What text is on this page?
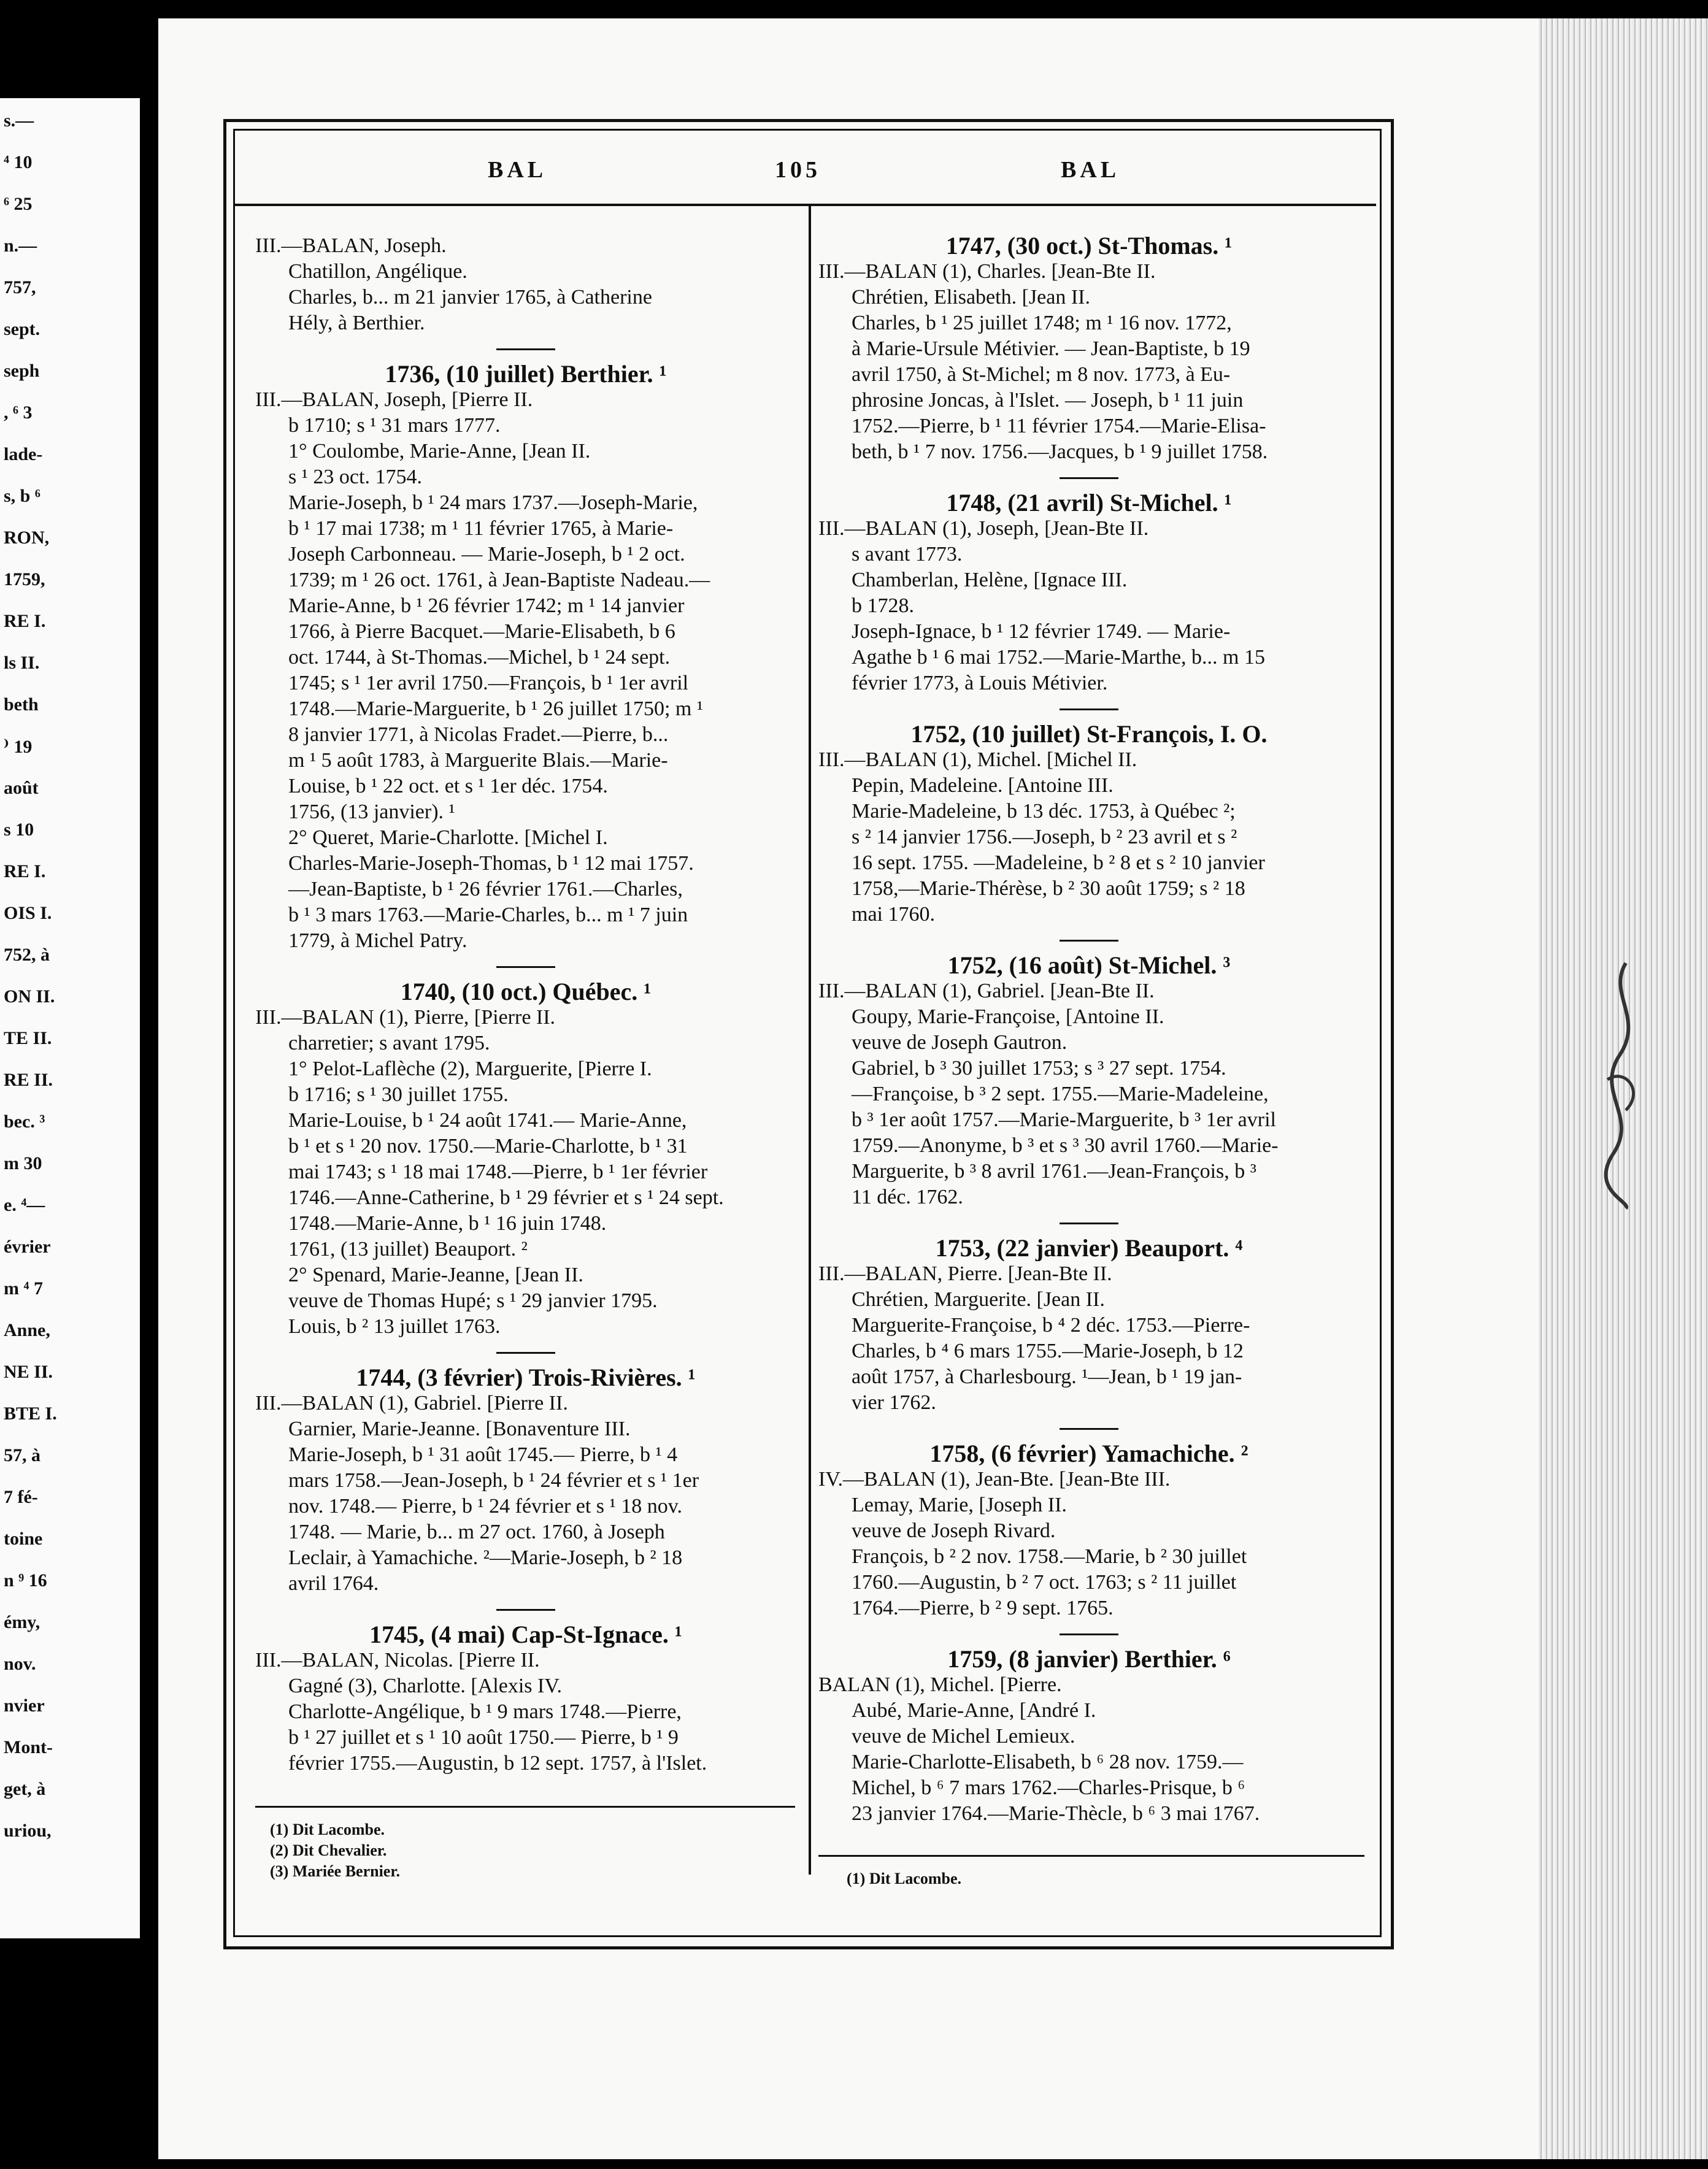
s.—
⁴ 10
⁶ 25
n.—
757,
sept.
seph
, ⁶ 3
lade-
s, b ⁶
RON,
1759,
RE I.
ls II.
beth
⁾ 19
août
s 10
RE I.
OIS I.
752, à
ON II.
TE II.
RE II.
bec. ³
m 30
e. ⁴—
évrier
m ⁴ 7
Anne,
NE II.
BTE I.
57, à
7 fé-
toine
n ⁹ 16
émy,
nov.
nvier
Mont-
get, à
uriou,
BAL	105	BAL
III.—BALAN, Joseph.
Chatillon, Angélique.
Charles, b... m 21 janvier 1765, à Catherine
Hély, à Berthier.
1736, (10 juillet) Berthier. ¹
III.—BALAN, Joseph, [Pierre II.
b 1710; s ¹ 31 mars 1777.
1° Coulombe, Marie-Anne, [Jean II.
s ¹ 23 oct. 1754.
Marie-Joseph, b ¹ 24 mars 1737.—Joseph-Marie,
b ¹ 17 mai 1738; m ¹ 11 février 1765, à Marie-
Joseph Carbonneau. — Marie-Joseph, b ¹ 2 oct.
1739; m ¹ 26 oct. 1761, à Jean-Baptiste Nadeau.—
Marie-Anne, b ¹ 26 février 1742; m ¹ 14 janvier
1766, à Pierre Bacquet.—Marie-Elisabeth, b 6
oct. 1744, à St-Thomas.—Michel, b ¹ 24 sept.
1745; s ¹ 1er avril 1750.—François, b ¹ 1er avril
1748.—Marie-Marguerite, b ¹ 26 juillet 1750; m ¹
8 janvier 1771, à Nicolas Fradet.—Pierre, b...
m ¹ 5 août 1783, à Marguerite Blais.—Marie-
Louise, b ¹ 22 oct. et s ¹ 1er déc. 1754.
1756, (13 janvier). ¹
2° Queret, Marie-Charlotte. [Michel I.
Charles-Marie-Joseph-Thomas, b ¹ 12 mai 1757.
—Jean-Baptiste, b ¹ 26 février 1761.—Charles,
b ¹ 3 mars 1763.—Marie-Charles, b... m ¹ 7 juin
1779, à Michel Patry.
1740, (10 oct.) Québec. ¹
III.—BALAN (1), Pierre, [Pierre II.
charretier; s avant 1795.
1° Pelot-Laflèche (2), Marguerite, [Pierre I.
b 1716; s ¹ 30 juillet 1755.
Marie-Louise, b ¹ 24 août 1741.— Marie-Anne,
b ¹ et s ¹ 20 nov. 1750.—Marie-Charlotte, b ¹ 31
mai 1743; s ¹ 18 mai 1748.—Pierre, b ¹ 1er février
1746.—Anne-Catherine, b ¹ 29 février et s ¹ 24 sept.
1748.—Marie-Anne, b ¹ 16 juin 1748.
1761, (13 juillet) Beauport. ²
2° Spenard, Marie-Jeanne, [Jean II.
veuve de Thomas Hupé; s ¹ 29 janvier 1795.
Louis, b ² 13 juillet 1763.
1744, (3 février) Trois-Rivières. ¹
III.—BALAN (1), Gabriel. [Pierre II.
Garnier, Marie-Jeanne. [Bonaventure III.
Marie-Joseph, b ¹ 31 août 1745.— Pierre, b ¹ 4
mars 1758.—Jean-Joseph, b ¹ 24 février et s ¹ 1er
nov. 1748.— Pierre, b ¹ 24 février et s ¹ 18 nov.
1748. — Marie, b... m 27 oct. 1760, à Joseph
Leclair, à Yamachiche. ²—Marie-Joseph, b ² 18
avril 1764.
1745, (4 mai) Cap-St-Ignace. ¹
III.—BALAN, Nicolas. [Pierre II.
Gagné (3), Charlotte. [Alexis IV.
Charlotte-Angélique, b ¹ 9 mars 1748.—Pierre,
b ¹ 27 juillet et s ¹ 10 août 1750.— Pierre, b ¹ 9
février 1755.—Augustin, b 12 sept. 1757, à l'Islet.
1747, (30 oct.) St-Thomas. ¹
III.—BALAN (1), Charles. [Jean-Bte II.
Chrétien, Elisabeth. [Jean II.
Charles, b ¹ 25 juillet 1748; m ¹ 16 nov. 1772,
à Marie-Ursule Métivier. — Jean-Baptiste, b 19
avril 1750, à St-Michel; m 8 nov. 1773, à Eu-
phrosine Joncas, à l'Islet. — Joseph, b ¹ 11 juin
1752.—Pierre, b ¹ 11 février 1754.—Marie-Elisa-
beth, b ¹ 7 nov. 1756.—Jacques, b ¹ 9 juillet 1758.
1748, (21 avril) St-Michel. ¹
III.—BALAN (1), Joseph, [Jean-Bte II.
s avant 1773.
Chamberlan, Helène, [Ignace III.
b 1728.
Joseph-Ignace, b ¹ 12 février 1749. — Marie-
Agathe b ¹ 6 mai 1752.—Marie-Marthe, b... m 15
février 1773, à Louis Métivier.
1752, (10 juillet) St-François, I. O.
III.—BALAN (1), Michel. [Michel II.
Pepin, Madeleine. [Antoine III.
Marie-Madeleine, b 13 déc. 1753, à Québec ²;
s ² 14 janvier 1756.—Joseph, b ² 23 avril et s ²
16 sept. 1755. —Madeleine, b ² 8 et s ² 10 janvier
1758,—Marie-Thérèse, b ² 30 août 1759; s ² 18
mai 1760.
1752, (16 août) St-Michel. ³
III.—BALAN (1), Gabriel. [Jean-Bte II.
Goupy, Marie-Françoise, [Antoine II.
veuve de Joseph Gautron.
Gabriel, b ³ 30 juillet 1753; s ³ 27 sept. 1754.
—Françoise, b ³ 2 sept. 1755.—Marie-Madeleine,
b ³ 1er août 1757.—Marie-Marguerite, b ³ 1er avril
1759.—Anonyme, b ³ et s ³ 30 avril 1760.—Marie-
Marguerite, b ³ 8 avril 1761.—Jean-François, b ³
11 déc. 1762.
1753, (22 janvier) Beauport. ⁴
III.—BALAN, Pierre. [Jean-Bte II.
Chrétien, Marguerite. [Jean II.
Marguerite-Françoise, b ⁴ 2 déc. 1753.—Pierre-
Charles, b ⁴ 6 mars 1755.—Marie-Joseph, b 12
août 1757, à Charlesbourg. ¹—Jean, b ¹ 19 jan-
vier 1762.
1758, (6 février) Yamachiche. ²
IV.—BALAN (1), Jean-Bte. [Jean-Bte III.
Lemay, Marie, [Joseph II.
veuve de Joseph Rivard.
François, b ² 2 nov. 1758.—Marie, b ² 30 juillet
1760.—Augustin, b ² 7 oct. 1763; s ² 11 juillet
1764.—Pierre, b ² 9 sept. 1765.
1759, (8 janvier) Berthier. ⁶
BALAN (1), Michel. [Pierre.
Aubé, Marie-Anne, [André I.
veuve de Michel Lemieux.
Marie-Charlotte-Elisabeth, b ⁶ 28 nov. 1759.—
Michel, b ⁶ 7 mars 1762.—Charles-Prisque, b ⁶
23 janvier 1764.—Marie-Thècle, b ⁶ 3 mai 1767.
(1) Dit Lacombe.
(2) Dit Chevalier.
(3) Mariée Bernier.	(1) Dit Lacombe.
